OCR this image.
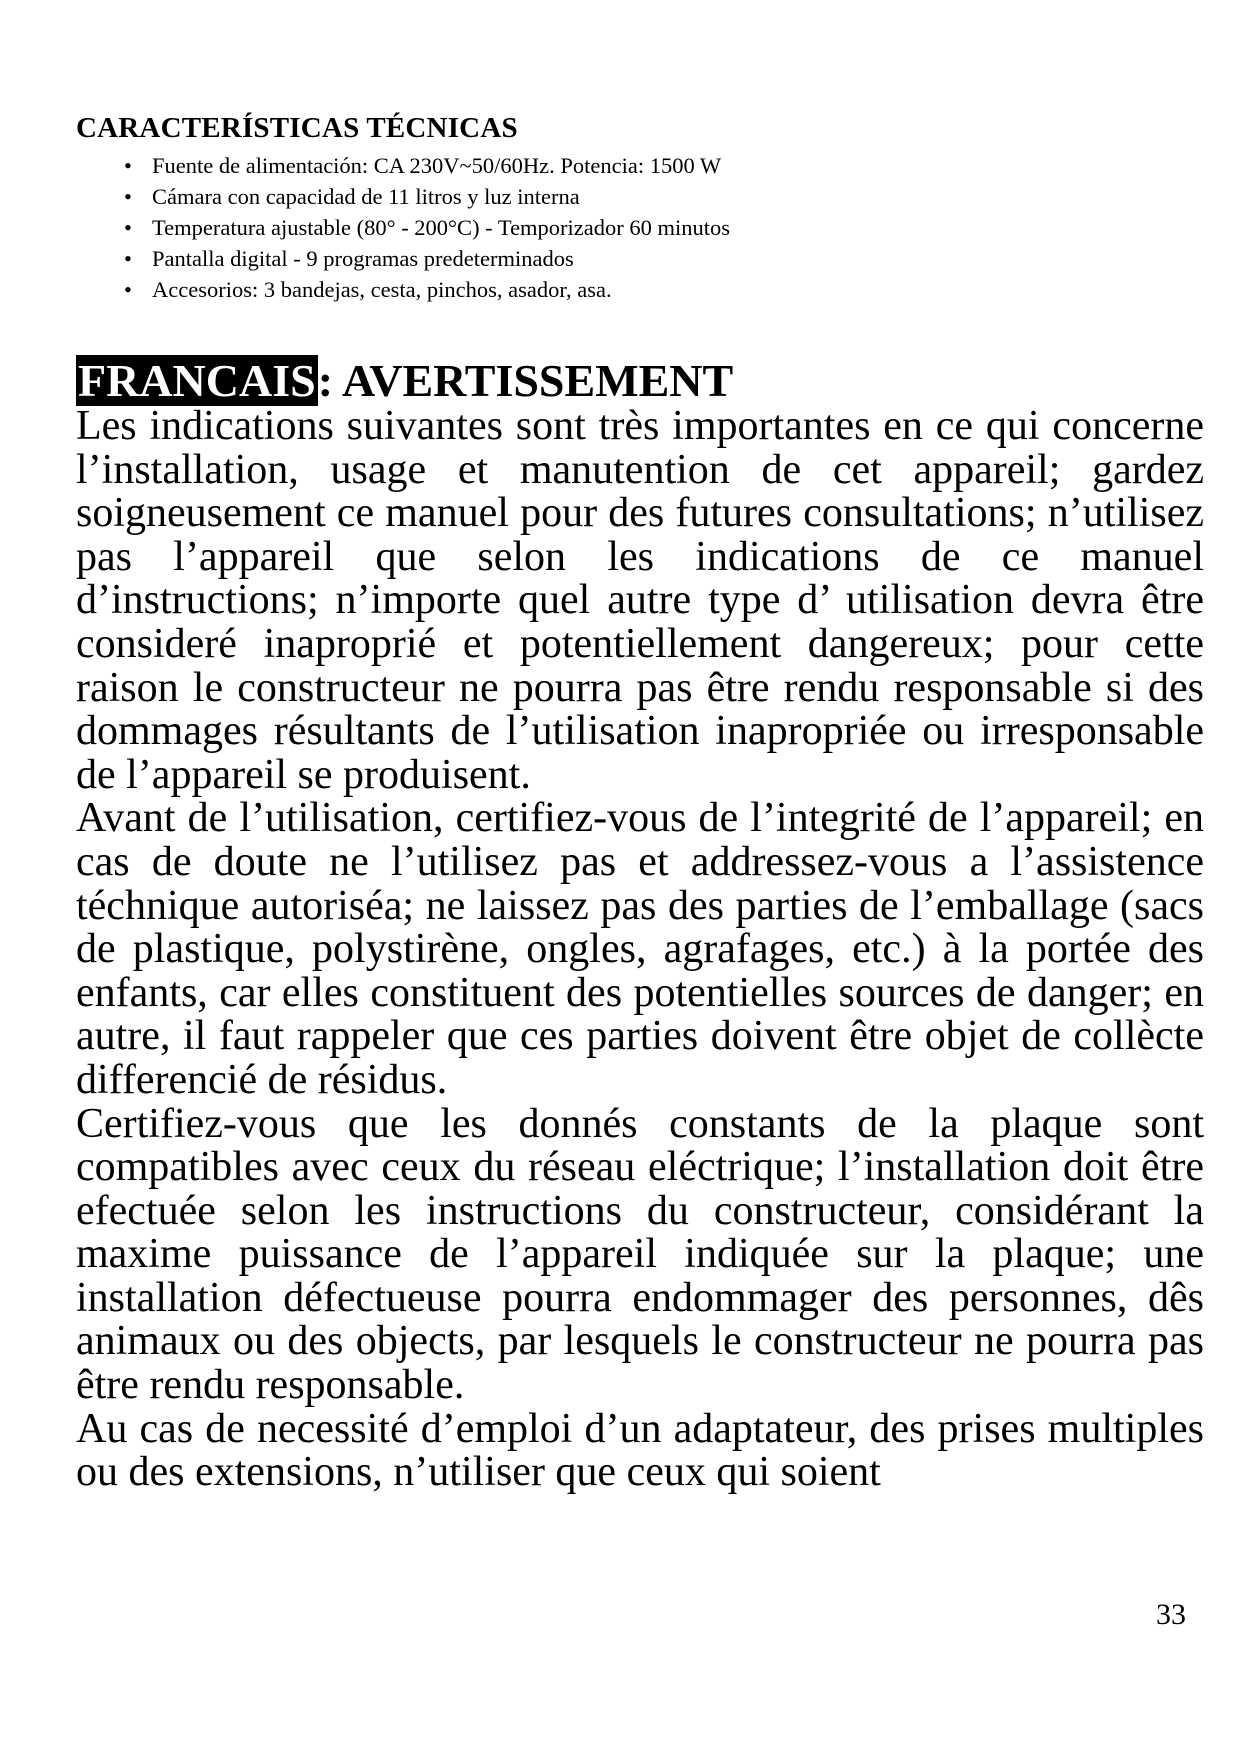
CARACTERÍSTICAS TÉCNICAS
• Fuente de alimentación: CA 230V~50/60Hz. Potencia: 1500 W
• Cámara con capacidad de 11 litros y luz interna
• Temperatura ajustable (80° - 200°C) - Temporizador 60 minutos
• Pantalla digital - 9 programas predeterminados
• Accesorios: 3 bandejas, cesta, pinchos, asador, asa.
FRANCAIS: AVERTISSEMENT

Les indications suivantes sont très importantes en ce qui concerne l’installation, usage et manutention de cet appareil; gardez soigneusement ce manuel pour des futures consultations; n’utilisez pas l’appareil que selon les indications de ce manuel d’instructions; n’importe quel autre type d’ utilisation devra être consideré inaproprié et potentiellement dangereux; pour cette raison le constructeur ne pourra pas être rendu responsable si des dommages résultants de l’utilisation inapropriée ou irresponsable de l’appareil se produisent.

Avant de l’utilisation, certifiez-vous de l’integrité de l’appareil; en cas de doute ne l’utilisez pas et addressez-vous a l’assistence téchnique autoriséa; ne laissez pas des parties de l’emballage (sacs de plastique, polystirène, ongles, agrafages, etc.) à la portée des enfants, car elles constituent des potentielles sources de danger; en autre, il faut rappeler que ces parties doivent être objet de collècte differencié de résidus.

Certifiez-vous que les donnés constants de la plaque sont compatibles avec ceux du réseau eléctrique; l’installation doit être efectuée selon les instructions du constructeur, considérant la maxime puissance de l’appareil indiquée sur la plaque; une installation défectueuse pourra endommager des personnes, dês animaux ou des objects, par lesquels le constructeur ne pourra pas être rendu responsable.

Au cas de necessité d’emploi d’un adaptateur, des prises multiples ou des extensions, n’utiliser que ceux qui soient

33
